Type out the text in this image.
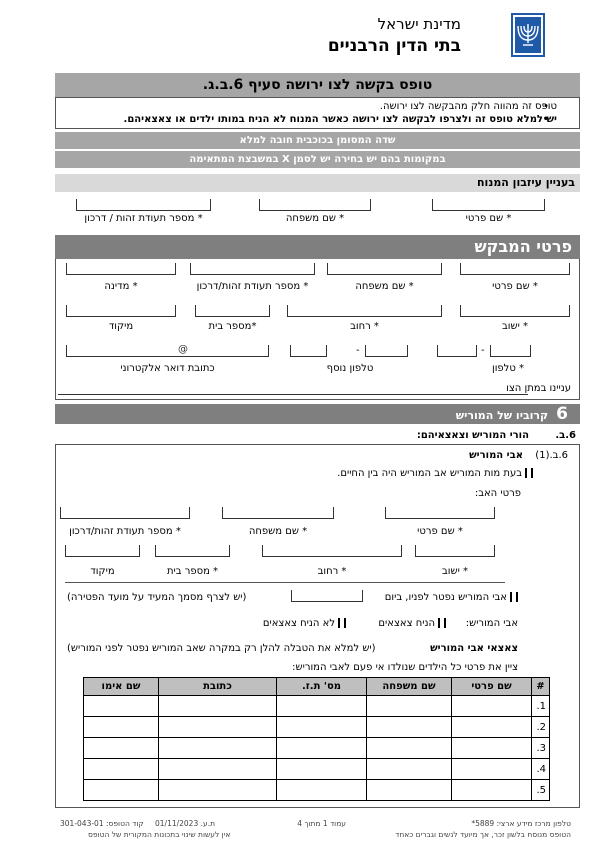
מדינת ישראל
בתי הדין הרבניים
טופס בקשה לצו ירושה סעיף 6.ב.ג.
• טופס זה מהווה חלק מהבקשה לצו ירושה.
• יש למלא טופס זה ולצרפו לבקשה לצו ירושה כאשר המנוח לא הניח במותו ילדים או צאצאיהם.
שדה המסומן בכוכבית חובה למלא
במקומות בהם יש בחירה יש לסמן X במשבצת המתאימה
בעניין עיזבון המנוח
* שם פרטי
* שם משפחה
* מספר תעודת זהות / דרכון
פרטי המבקש
* שם פרטי
* שם משפחה
* מספר תעודת זהות/דרכון
* מדינה
* ישוב
* רחוב
*מספר בית
מיקוד
-
-
@
* טלפון
טלפון נוסף
כתובת דואר אלקטרוני
עניינו במתן הצו
6קרוביו של המוריש
6.ב.
הורי המוריש וצאצאיהם:
6.ב.(1)
אבי המוריש
בעת מות המוריש אב המוריש היה בין החיים.
פרטי האב:
* שם פרטי
* שם משפחה
* מספר תעודת זהות/דרכון
* ישוב
* רחוב
* מספר בית
מיקוד
אבי המוריש נפטר לפניו, ביום
(יש לצרף מסמך המעיד על מועד הפטירה)
אבי המוריש:
הניח צאצאים
לא הניח צאצאים
צאצאי אבי המוריש
(יש למלא את הטבלה להלן רק במקרה שאב המוריש נפטר לפני המוריש)
ציין את פרטי כל הילדים שנולדו אי פעם לאבי המוריש:
#	שם פרטי	שם משפחה	מס' ת.ז.	כתובת	שם אימו
1.					
2.					
3.					
4.					
5.					
טלפון מרכז מידע ארצי: 5889*
עמוד 1 מתוך 4
ת.ע. 01/11/2023
קוד הטופס: 301-043-01
הטופס מנוסח בלשון זכר, אך מיועד לנשים וגברים כאחד
אין לעשות שינוי בתכונות המקורית של הטופס
